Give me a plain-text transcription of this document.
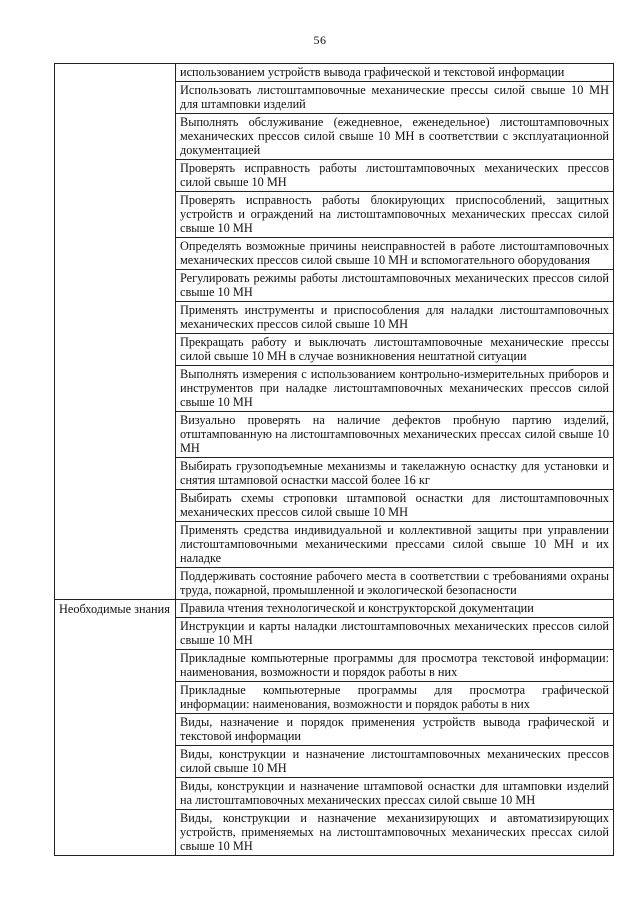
56

	использованием устройств вывода графической и текстовой информации

	Использовать листоштамповочные механические прессы силой свыше 10 МН для штамповки изделий

	Выполнять обслуживание (ежедневное, еженедельное) листоштамповочных механических прессов силой свыше 10 МН в соответствии с эксплуатационной документацией

	Проверять исправность работы листоштамповочных механических прессов силой свыше 10 МН

	Проверять исправность работы блокирующих приспособлений, защитных устройств и ограждений на листоштамповочных механических прессах силой свыше 10 МН

	Определять возможные причины неисправностей в работе листоштамповочных механических прессов силой свыше 10 МН и вспомогательного оборудования

	Регулировать режимы работы листоштамповочных механических прессов силой свыше 10 МН

	Применять инструменты и приспособления для наладки листоштамповочных механических прессов силой свыше 10 МН

	Прекращать работу и выключать листоштамповочные механические прессы силой свыше 10 МН в случае возникновения нештатной ситуации

	Выполнять измерения с использованием контрольно-измерительных приборов и инструментов при наладке листоштамповочных механических прессов силой свыше 10 МН

	Визуально проверять на наличие дефектов пробную партию изделий, отштампованную на листоштамповочных механических прессах силой свыше 10 МН

	Выбирать грузоподъемные механизмы и такелажную оснастку для установки и снятия штамповой оснастки массой более 16 кг

	Выбирать схемы строповки штамповой оснастки для листоштамповочных механических прессов силой свыше 10 МН

	Применять средства индивидуальной и коллективной защиты при управлении листоштамповочными механическими прессами силой свыше 10 МН и их наладке

	Поддерживать состояние рабочего места в соответствии с требованиями охраны труда, пожарной, промышленной и экологической безопасности

Необходимые знания	Правила чтения технологической и конструкторской документации

	Инструкции и карты наладки листоштамповочных механических прессов силой свыше 10 МН

	Прикладные компьютерные программы для просмотра текстовой информации: наименования, возможности и порядок работы в них

	Прикладные компьютерные программы для просмотра графической информации: наименования, возможности и порядок работы в них

	Виды, назначение и порядок применения устройств вывода графической и текстовой информации

	Виды, конструкции и назначение листоштамповочных механических прессов силой свыше 10 МН

	Виды, конструкции и назначение штамповой оснастки для штамповки изделий на листоштамповочных механических прессах силой свыше 10 МН

	Виды, конструкции и назначение механизирующих и автоматизирующих устройств, применяемых на листоштамповочных механических прессах силой свыше 10 МН
